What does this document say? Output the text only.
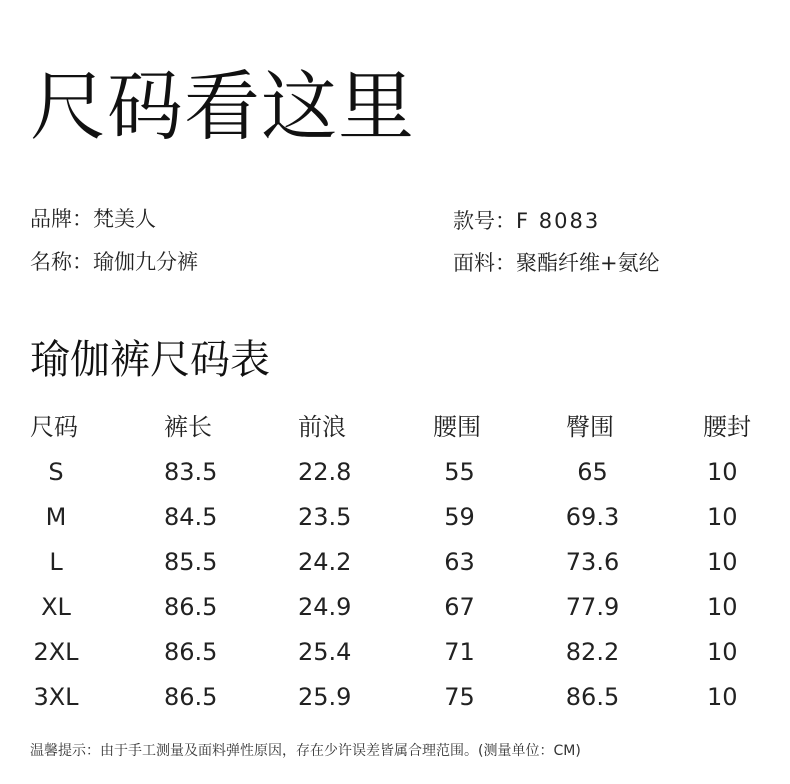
尺码看这里
品牌：梵美人
名称：瑜伽九分裤
款号：F 8083
面料：聚酯纤维+氨纶
瑜伽裤尺码表
尺码	裤长	前浪	腰围	臀围	腰封
S	83.5	22.8	55	65	10
M	84.5	23.5	59	69.3	10
L	85.5	24.2	63	73.6	10
XL	86.5	24.9	67	77.9	10
2XL	86.5	25.4	71	82.2	10
3XL	86.5	25.9	75	86.5	10
温馨提示：由于手工测量及面料弹性原因，存在少许误差皆属合理范围。(测量单位：CM)
